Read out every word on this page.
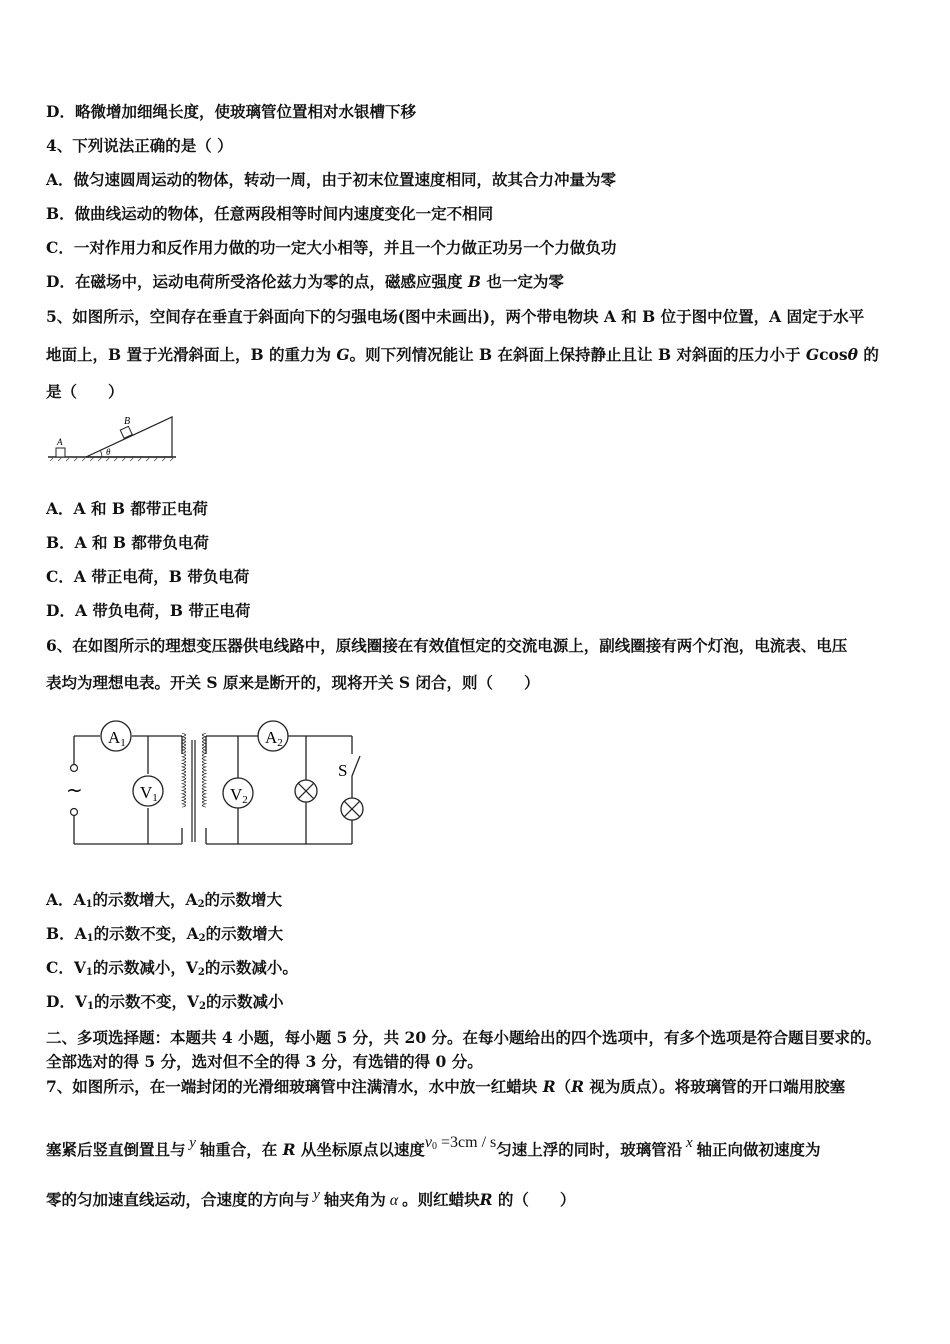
D．略微增加细绳长度，使玻璃管位置相对水银槽下移
4、下列说法正确的是（ ）
A．做匀速圆周运动的物体，转动一周，由于初末位置速度相同，故其合力冲量为零
B．做曲线运动的物体，任意两段相等时间内速度变化一定不相同
C．一对作用力和反作用力做的功一定大小相等，并且一个力做正功另一个力做负功
D．在磁场中，运动电荷所受洛伦兹力为零的点，磁感应强度 B 也一定为零
5、如图所示，空间存在垂直于斜面向下的匀强电场(图中未画出)，两个带电物块 A 和 B 位于图中位置，A 固定于水平
地面上，B 置于光滑斜面上，B 的重力为 G。则下列情况能让 B 在斜面上保持静止且让 B 对斜面的压力小于 Gcosθ 的
是（　　）
A
B
θ
A．A 和 B 都带正电荷
B．A 和 B 都带负电荷
C．A 带正电荷，B 带负电荷
D．A 带负电荷，B 带正电荷
6、在如图所示的理想变压器供电线路中，原线圈接在有效值恒定的交流电源上，副线圈接有两个灯泡，电流表、电压
表均为理想电表。开关 S 原来是断开的，现将开关 S 闭合，则（　　）
~
A1
V1
A2
V2
S
A．$A_1$的示数增大，$A_2$的示数增大
B．$A_1$的示数不变，$A_2$的示数增大
C．$V_1$的示数减小，$V_2$的示数减小。
D．$V_1$的示数不变，$V_2$的示数减小
二、多项选择题：本题共 4 小题，每小题 5 分，共 20 分。在每小题给出的四个选项中，有多个选项是符合题目要求的。
全部选对的得 5 分，选对但不全的得 3 分，有选错的得 0 分。
7、如图所示，在一端封闭的光滑细玻璃管中注满清水，水中放一红蜡块 R（R 视为质点）。将玻璃管的开口端用胶塞
塞紧后竖直倒置且与 y 轴重合，在 R 从坐标原点以速度$v_0 =3cm / s$匀速上浮的同时，玻璃管沿 x 轴正向做初速度为
零的匀加速直线运动，合速度的方向与 y 轴夹角为 α 。则红蜡块R 的（　　）
